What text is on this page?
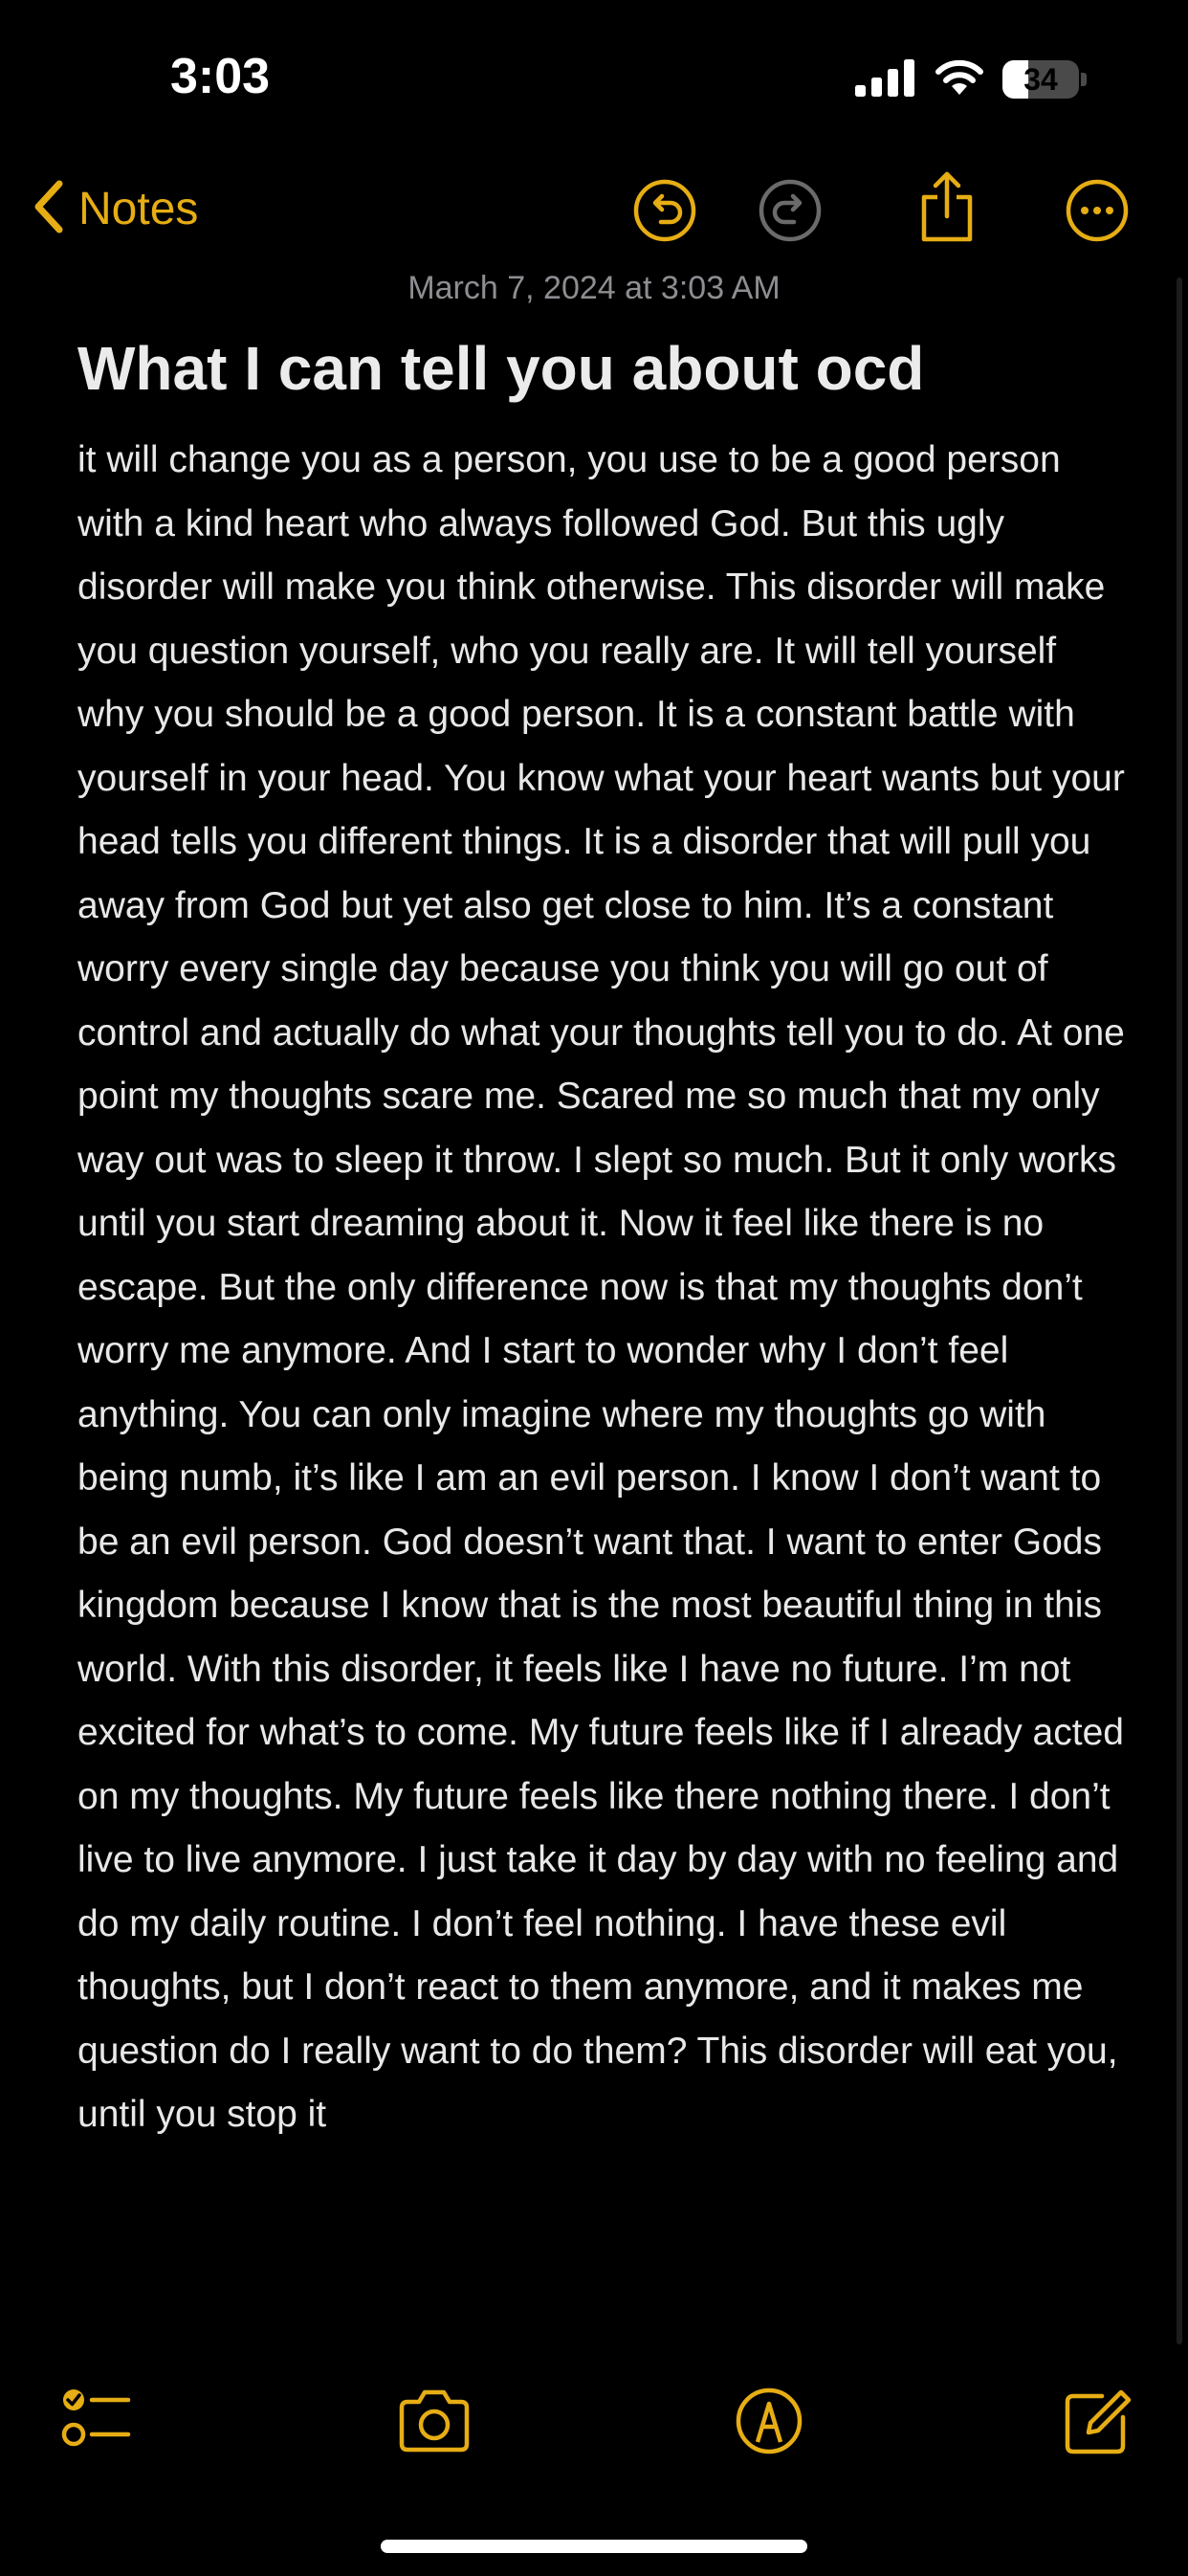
3:03	34
Notes
March 7, 2024 at 3:03 AM
What I can tell you about ocd
it will change you as a person, you use to be a good person with a kind heart who always followed God. But this ugly disorder will make you think otherwise. This disorder will make you question yourself, who you really are. It will tell yourself why you should be a good person. It is a constant battle with yourself in your head. You know what your heart wants but your head tells you different things. It is a disorder that will pull you away from God but yet also get close to him. It’s a constant worry every single day because you think you will go out of control and actually do what your thoughts tell you to do. At one point my thoughts scare me. Scared me so much that my only way out was to sleep it throw. I slept so much. But it only works until you start dreaming about it. Now it feel like there is no escape. But the only difference now is that my thoughts don’t worry me anymore. And I start to wonder why I don’t feel anything. You can only imagine where my thoughts go with being numb, it’s like I am an evil person. I know I don’t want to be an evil person. God doesn’t want that. I want to enter Gods kingdom because I know that is the most beautiful thing in this world. With this disorder, it feels like I have no future. I’m not excited for what’s to come. My future feels like if I already acted on my thoughts. My future feels like there nothing there. I don’t live to live anymore. I just take it day by day with no feeling and do my daily routine. I don’t feel nothing. I have these evil thoughts, but I don’t react to them anymore, and it makes me question do I really want to do them? This disorder will eat you, until you stop it
